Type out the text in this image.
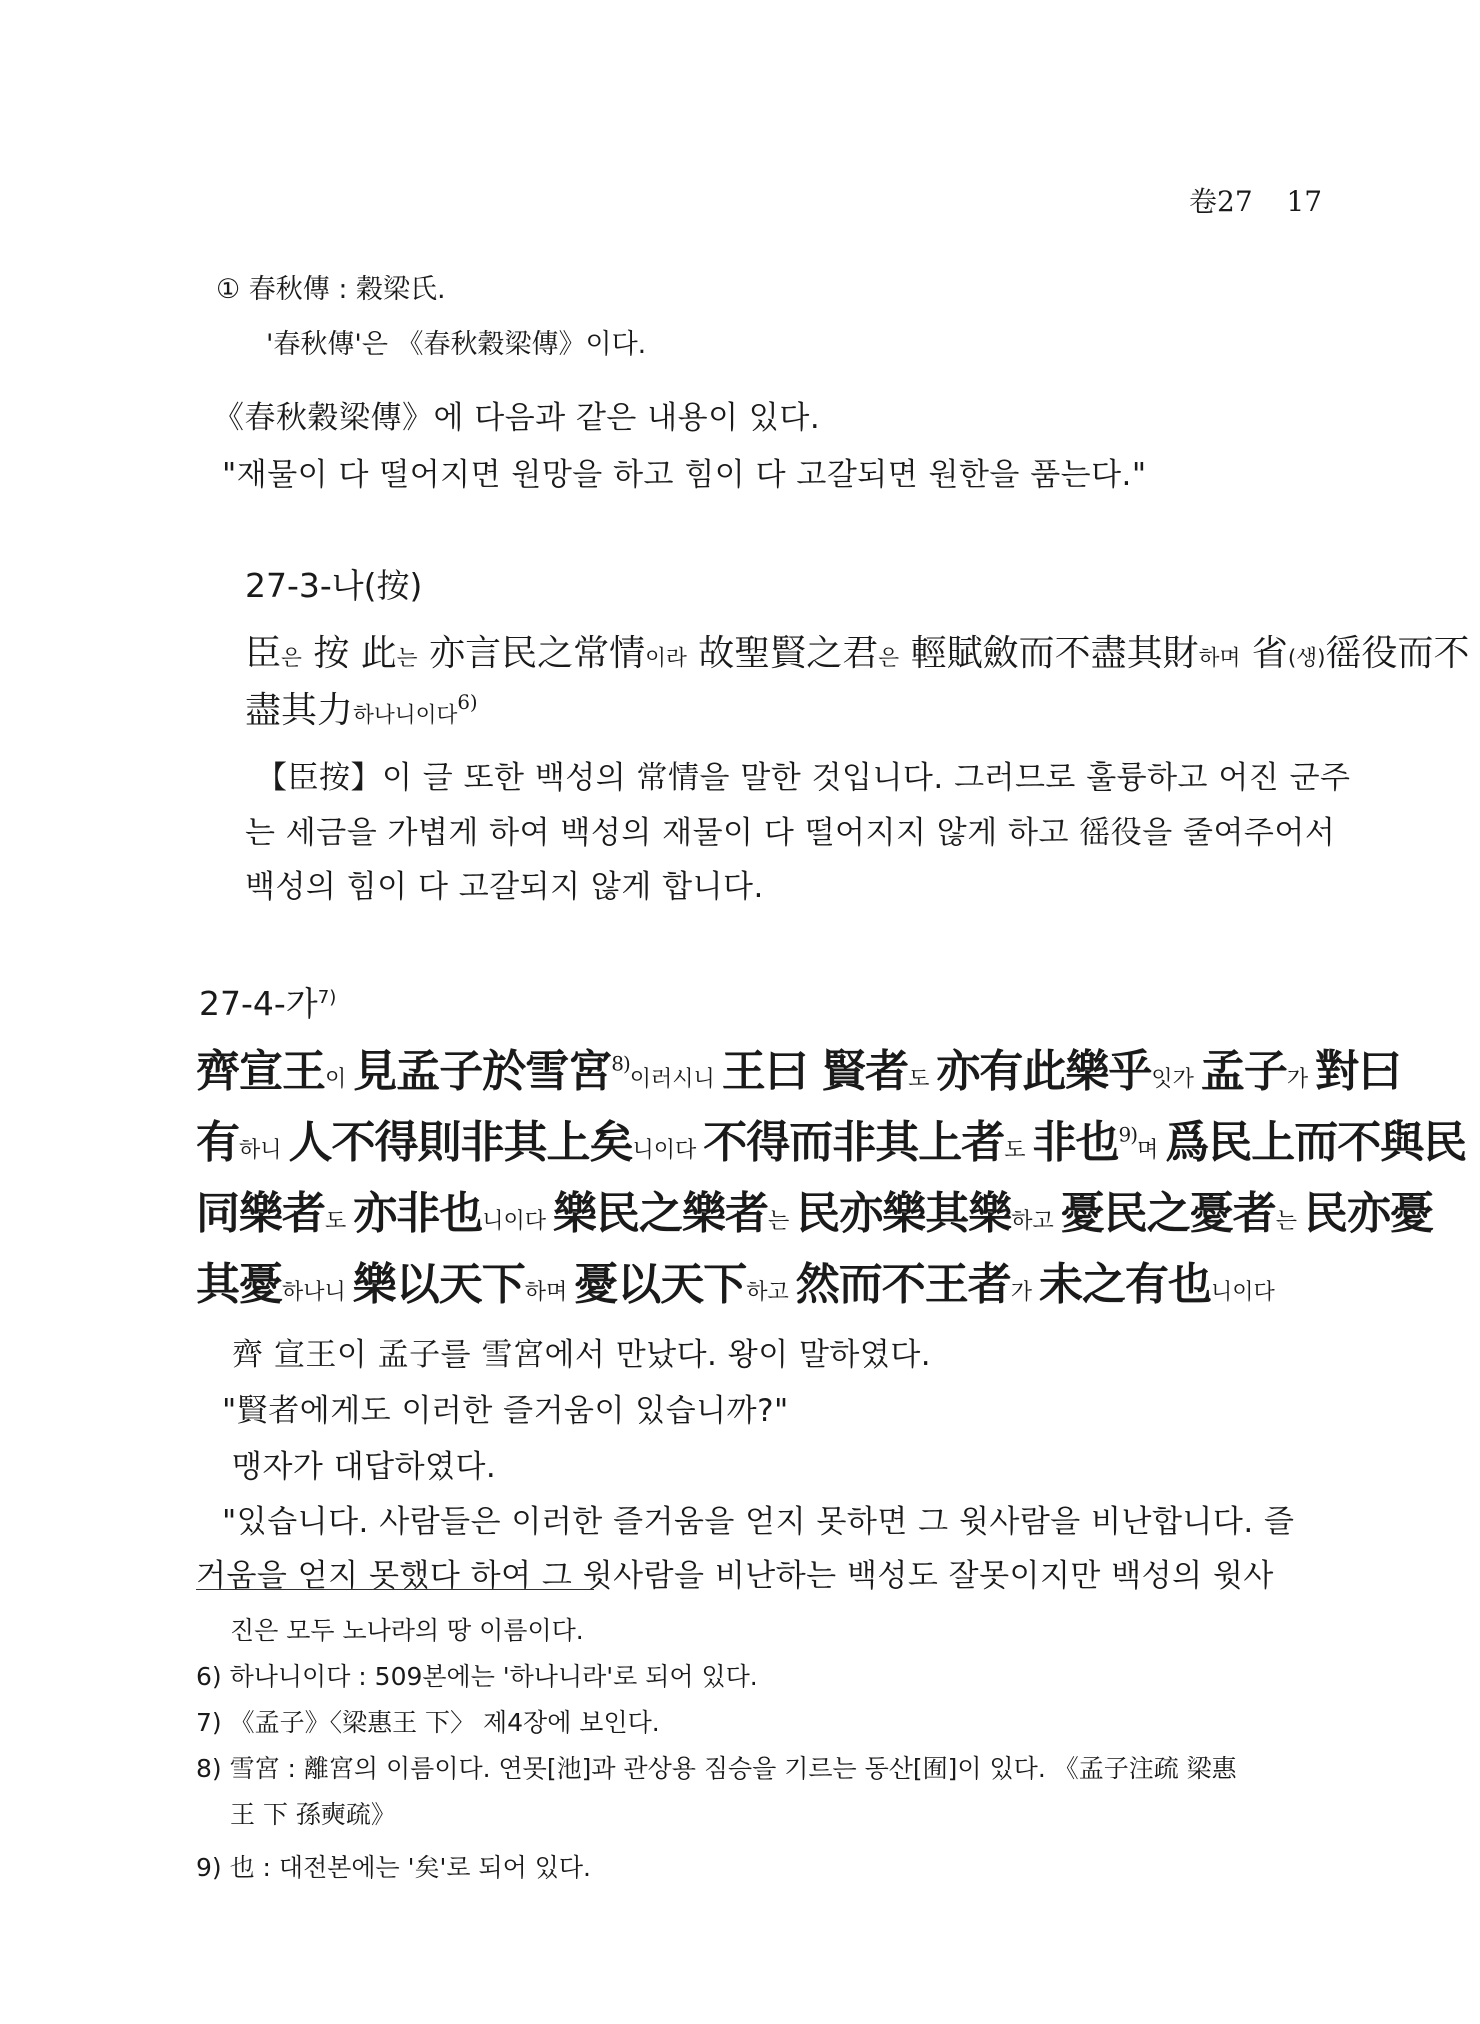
卷27 17
① 春秋傳 : 穀梁氏.
'春秋傳'은 《春秋穀梁傳》이다.
《春秋穀梁傳》에 다음과 같은 내용이 있다.
"재물이 다 떨어지면 원망을 하고 힘이 다 고갈되면 원한을 품는다."
27-3-나(按)
臣은 按 此는 亦言民之常情이라 故聖賢之君은 輕賦斂而不盡其財하며 省(생)徭役而不
盡其力하나니이다$^{6)}$
【臣按】이 글 또한 백성의 常情을 말한 것입니다. 그러므로 훌륭하고 어진 군주
는 세금을 가볍게 하여 백성의 재물이 다 떨어지지 않게 하고 徭役을 줄여주어서
백성의 힘이 다 고갈되지 않게 합니다.
27-4-가$^{7)}$
齊宣王이 見孟子於雪宮$^{8)}$이러시니 王曰 賢者도 亦有此樂乎잇가 孟子가 對曰
有하니 人不得則非其上矣니이다 不得而非其上者도 非也$^{9)}$며 爲民上而不與民
同樂者도 亦非也니이다 樂民之樂者는 民亦樂其樂하고 憂民之憂者는 民亦憂
其憂하나니 樂以天下하며 憂以天下하고 然而不王者가 未之有也니이다
齊 宣王이 孟子를 雪宮에서 만났다. 왕이 말하였다.
"賢者에게도 이러한 즐거움이 있습니까?"
맹자가 대답하였다.
"있습니다. 사람들은 이러한 즐거움을 얻지 못하면 그 윗사람을 비난합니다. 즐
거움을 얻지 못했다 하여 그 윗사람을 비난하는 백성도 잘못이지만 백성의 윗사
진은 모두 노나라의 땅 이름이다.
6) 하나니이다 : 509본에는 '하나니라'로 되어 있다.
7) 《孟子》〈梁惠王 下〉 제4장에 보인다.
8) 雪宮 : 離宮의 이름이다. 연못[池]과 관상용 짐승을 기르는 동산[囿]이 있다. 《孟子注疏 梁惠
王 下 孫奭疏》
9) 也 : 대전본에는 '矣'로 되어 있다.
